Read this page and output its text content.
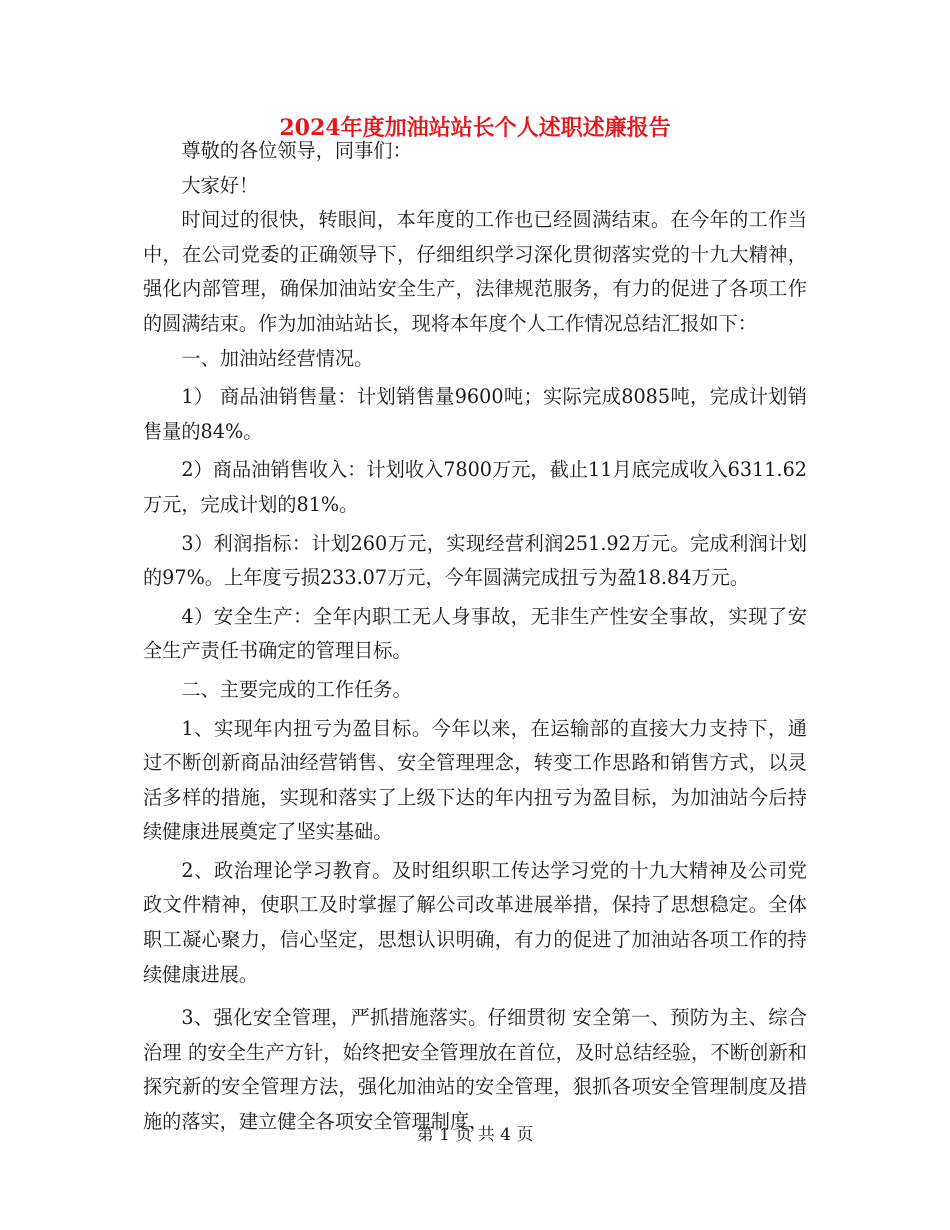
2024年度加油站站长个人述职述廉报告

尊敬的各位领导，同事们：

大家好！

时间过的很快，转眼间，本年度的工作也已经圆满结束。在今年的工作当中，在公司党委的正确领导下，仔细组织学习深化贯彻落实党的十九大精神，强化内部管理，确保加油站安全生产，法律规范服务，有力的促进了各项工作的圆满结束。作为加油站站长，现将本年度个人工作情况总结汇报如下：

一、加油站经营情况。

1） 商品油销售量：计划销售量9600吨；实际完成8085吨，完成计划销售量的84%。

2）商品油销售收入：计划收入7800万元，截止11月底完成收入6311.62万元，完成计划的81%。

3）利润指标：计划260万元，实现经营利润251.92万元。完成利润计划的97%。上年度亏损233.07万元，今年圆满完成扭亏为盈18.84万元。

4）安全生产：全年内职工无人身事故，无非生产性安全事故，实现了安全生产责任书确定的管理目标。

二、主要完成的工作任务。

1、实现年内扭亏为盈目标。今年以来，在运输部的直接大力支持下，通过不断创新商品油经营销售、安全管理理念，转变工作思路和销售方式，以灵活多样的措施，实现和落实了上级下达的年内扭亏为盈目标，为加油站今后持续健康进展奠定了坚实基础。

2、政治理论学习教育。及时组织职工传达学习党的十九大精神及公司党政文件精神，使职工及时掌握了解公司改革进展举措，保持了思想稳定。全体职工凝心聚力，信心坚定，思想认识明确，有力的促进了加油站各项工作的持续健康进展。

3、强化安全管理，严抓措施落实。仔细贯彻 安全第一、预防为主、综合治理 的安全生产方针，始终把安全管理放在首位，及时总结经验，不断创新和探究新的安全管理方法，强化加油站的安全管理，狠抓各项安全管理制度及措施的落实，建立健全各项安全管理制度，

第 1 页 共 4 页
